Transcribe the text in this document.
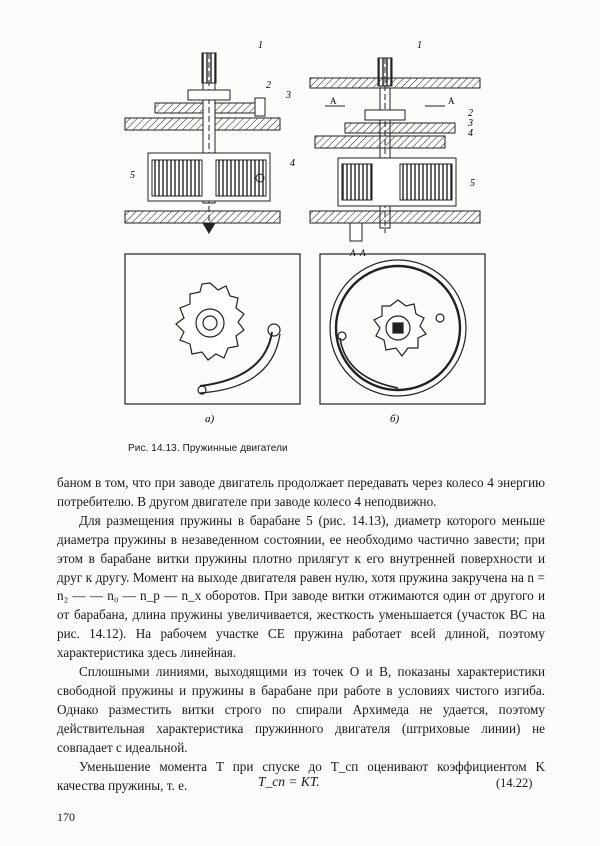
1
2
3
4
5
A	A
1
2
3
4
5
а)
А–А
б)
Рис. 14.13. Пружинные двигатели

баном в том, что при заводе двигатель продолжает передавать через колесо 4 энергию потребителю. В другом двигателе при заводе колесо 4 неподвижно.

Для размещения пружины в барабане 5 (рис. 14.13), диаметр которого меньше диаметра пружины в незаведенном состоянии, ее необходимо частично завести; при этом в барабане витки пружины плотно прилягут к его внутренней поверхности и друг к другу. Момент на выходе двигателя равен нулю, хотя пружина закручена на n = n₂ — — n₀ — n_p — n_x оборотов. При заводе витки отжимаются один от другого и от барабана, длина пружины увеличивается, жесткость уменьшается (участок ВС на рис. 14.12). На рабочем участке CE пружина работает всей длиной, поэтому характеристика здесь линейная.

Сплошными линиями, выходящими из точек O и B, показаны характеристики свободной пружины и пружины в барабане при работе в условиях чистого изгиба. Однако разместить витки строго по спирали Архимеда не удается, поэтому действительная характеристика пружинного двигателя (штриховые линии) не совпадает с идеальной.

Уменьшение момента T при спуске до T_сп оценивают коэффициентом K качества пружины, т. е.	T_сп = KT.	(14.22)
170
